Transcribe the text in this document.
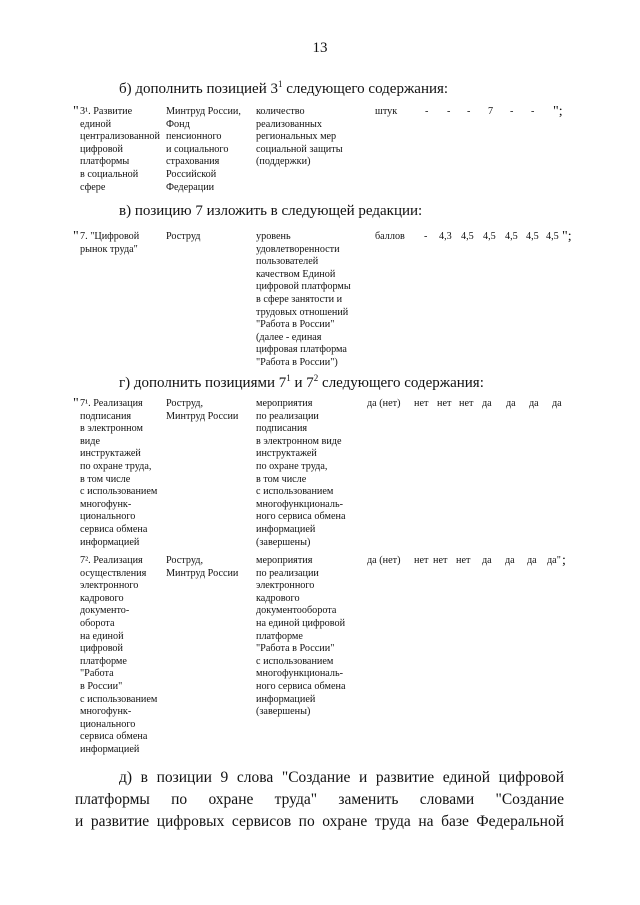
13
б) дополнить позицией $3^1$ следующего содержания:
" 3¹. Развитие
единой
централизованной
цифровой
платформы
в социальной
сфере
Минтруд России,
Фонд
пенсионного
и социального
страхования
Российской
Федерации
количество
реализованных
региональных мер
социальной защиты
(поддержки)
штук	- - - 7 - - ";
в) позицию 7 изложить в следующей редакции:
" 7. "Цифровой
рынок труда"
Роструд	уровень
удовлетворенности
пользователей
качеством Единой
цифровой платформы
в сфере занятости и
трудовых отношений
"Работа в России"
(далее - единая
цифровая платформа
"Работа в России")
баллов - 4,3 4,5 4,5 4,5 4,5 4,5 ";
г) дополнить позициями $7^1$ и $7^2$ следующего содержания:
" 7¹. Реализация
подписания
в электронном
виде
инструктажей
по охране труда,
в том числе
с использованием
многофунк-
ционального
сервиса обмена
информацией
Роструд,
Минтруд России
мероприятия
по реализации
подписания
в электронном виде
инструктажей
по охране труда,
в том числе
с использованием
многофункциональ-
ного сервиса обмена
информацией
(завершены)
да (нет) нет нет нет да да да да
7². Реализация
осуществления
электронного
кадрового
документо-
оборота
на единой
цифровой
платформе
"Работа
в России"
с использованием
многофунк-
ционального
сервиса обмена
информацией
Роструд,
Минтруд России
мероприятия
по реализации
электронного
кадрового
документооборота
на единой цифровой
платформе
"Работа в России"
с использованием
многофункциональ-
ного сервиса обмена
информацией
(завершены)
да (нет) нет нет нет да да да да" ;
д) в позиции 9 слова "Создание и развитие единой цифровой
платформы по охране труда" заменить словами "Создание
и развитие цифровых сервисов по охране труда на базе Федеральной
